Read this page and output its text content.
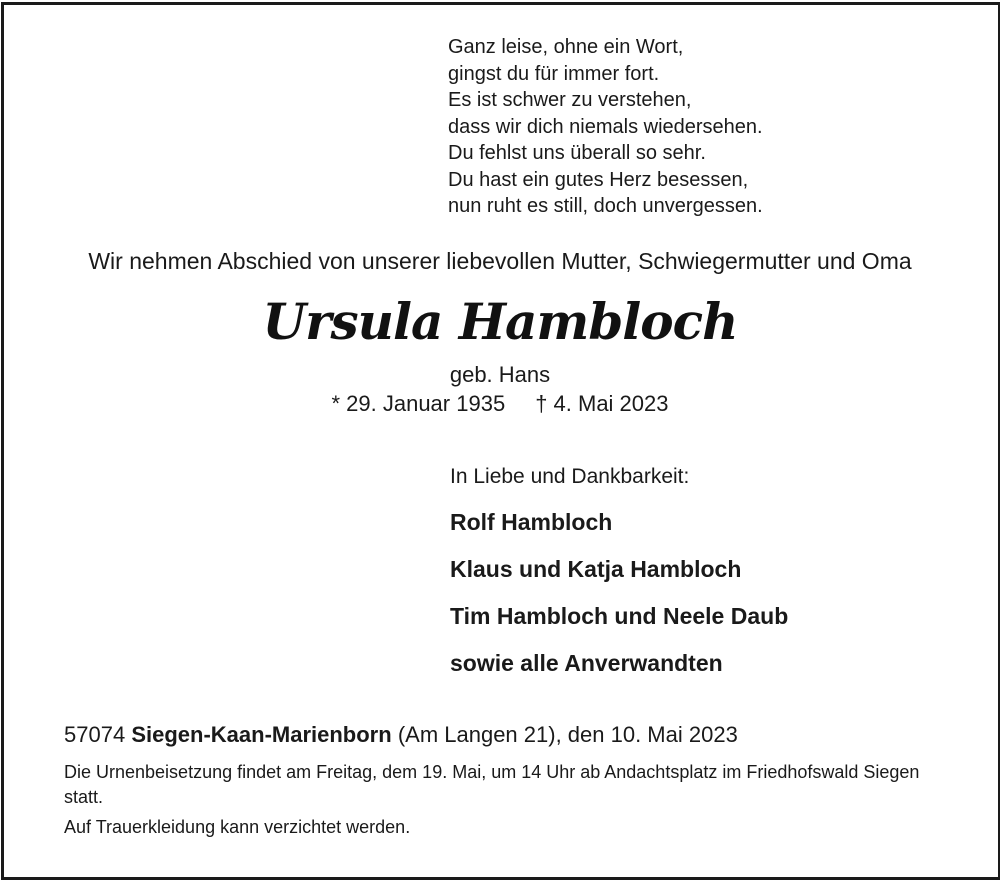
Ganz leise, ohne ein Wort,
gingst du für immer fort.
Es ist schwer zu verstehen,
dass wir dich niemals wiedersehen.
Du fehlst uns überall so sehr.
Du hast ein gutes Herz besessen,
nun ruht es still, doch unvergessen.
Wir nehmen Abschied von unserer liebevollen Mutter, Schwiegermutter und Oma
Ursula Hambloch
geb. Hans
* 29. Januar 1935 † 4. Mai 2023
In Liebe und Dankbarkeit:
Rolf Hambloch
Klaus und Katja Hambloch
Tim Hambloch und Neele Daub
sowie alle Anverwandten
57074 Siegen-Kaan-Marienborn (Am Langen 21), den 10. Mai 2023
Die Urnenbeisetzung findet am Freitag, dem 19. Mai, um 14 Uhr ab Andachtsplatz im Friedhofswald Siegen statt.
Auf Trauerkleidung kann verzichtet werden.
